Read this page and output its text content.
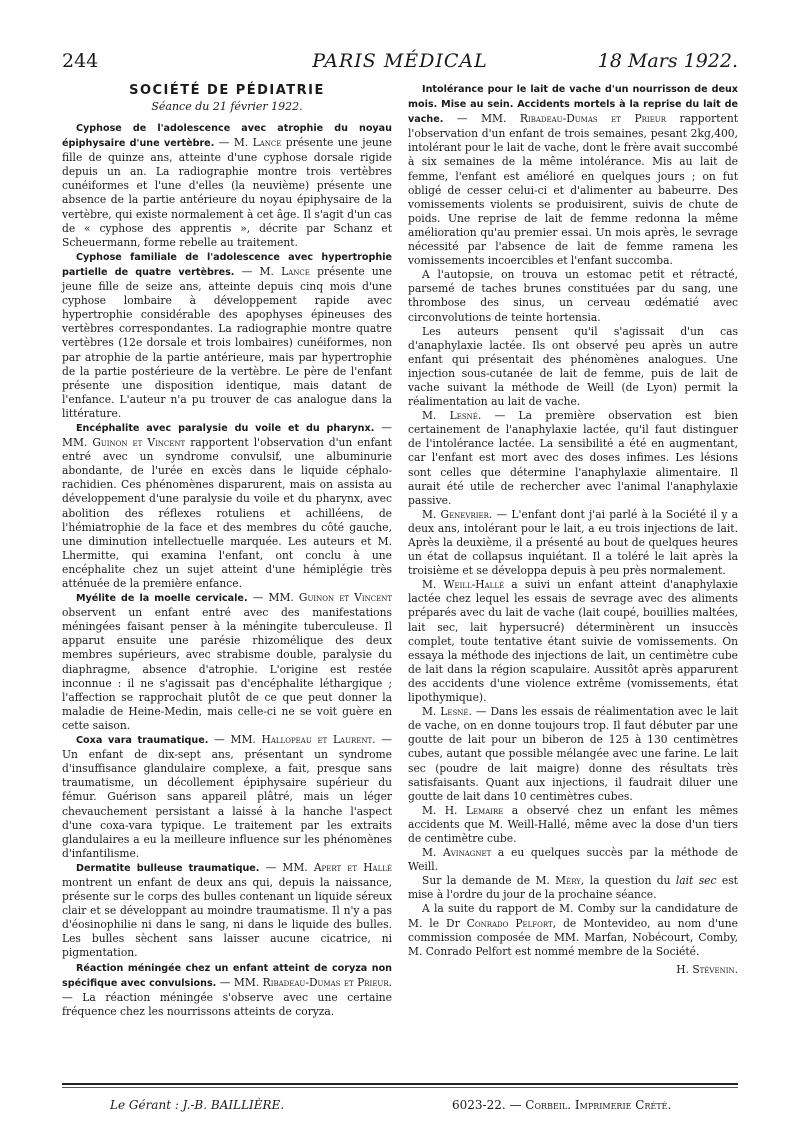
244	PARIS MÉDICAL	18 Mars 1922.
SOCIÉTÉ DE PÉDIATRIE
Séance du 21 février 1922.

Cyphose de l'adolescence avec atrophie du noyau épiphysaire d'une vertèbre. — M. Lance présente une jeune fille de quinze ans, atteinte d'une cyphose dorsale rigide depuis un an. La radiographie montre trois vertèbres cunéiformes et l'une d'elles (la neuvième) présente une absence de la partie antérieure du noyau épiphysaire de la vertèbre, qui existe normalement à cet âge. Il s'agit d'un cas de « cyphose des apprentis », décrite par Schanz et Scheuermann, forme rebelle au traitement.

Cyphose familiale de l'adolescence avec hypertrophie partielle de quatre vertèbres. — M. Lance présente une jeune fille de seize ans, atteinte depuis cinq mois d'une cyphose lombaire à développement rapide avec hypertrophie considérable des apophyses épineuses des vertèbres correspondantes. La radiographie montre quatre vertèbres (12e dorsale et trois lombaires) cunéiformes, non par atrophie de la partie antérieure, mais par hypertrophie de la partie postérieure de la vertèbre. Le père de l'enfant présente une disposition identique, mais datant de l'enfance. L'auteur n'a pu trouver de cas analogue dans la littérature.

Encéphalite avec paralysie du voile et du pharynx. — MM. Guinon et Vincent rapportent l'observation d'un enfant entré avec un syndrome convulsif, une albuminurie abondante, de l'urée en excès dans le liquide céphalo-rachidien. Ces phénomènes disparurent, mais on assista au développement d'une paralysie du voile et du pharynx, avec abolition des réflexes rotuliens et achilléens, de l'hémiatrophie de la face et des membres du côté gauche, une diminution intellectuelle marquée. Les auteurs et M. Lhermitte, qui examina l'enfant, ont conclu à une encéphalite chez un sujet atteint d'une hémiplégie très atténuée de la première enfance.

Myélite de la moelle cervicale. — MM. Guinon et Vincent observent un enfant entré avec des manifestations méningées faisant penser à la méningite tuberculeuse. Il apparut ensuite une parésie rhizomélique des deux membres supérieurs, avec strabisme double, paralysie du diaphragme, absence d'atrophie. L'origine est restée inconnue : il ne s'agissait pas d'encéphalite léthargique ; l'affection se rapprochait plutôt de ce que peut donner la maladie de Heine-Medin, mais celle-ci ne se voit guère en cette saison.

Coxa vara traumatique. — MM. Hallopeau et Laurent. — Un enfant de dix-sept ans, présentant un syndrome d'insuffisance glandulaire complexe, a fait, presque sans traumatisme, un décollement épiphysaire supérieur du fémur. Guérison sans appareil plâtré, mais un léger chevauchement persistant a laissé à la hanche l'aspect d'une coxa-vara typique. Le traitement par les extraits glandulaires a eu la meilleure influence sur les phénomènes d'infantilisme.

Dermatite bulleuse traumatique. — MM. Apert et Hallé montrent un enfant de deux ans qui, depuis la naissance, présente sur le corps des bulles contenant un liquide séreux clair et se développant au moindre traumatisme. Il n'y a pas d'éosinophilie ni dans le sang, ni dans le liquide des bulles. Les bulles sèchent sans laisser aucune cicatrice, ni pigmentation.

Réaction méningée chez un enfant atteint de coryza non spécifique avec convulsions. — MM. Ribadeau-Dumas et Prieur. — La réaction méningée s'observe avec une certaine fréquence chez les nourrissons atteints de coryza.

Intolérance pour le lait de vache d'un nourrisson de deux mois. Mise au sein. Accidents mortels à la reprise du lait de vache. — MM. Ribadeau-Dumas et Prieur rapportent l'observation d'un enfant de trois semaines, pesant 2kg,400, intolérant pour le lait de vache, dont le frère avait succombé à six semaines de la même intolérance. Mis au lait de femme, l'enfant est amélioré en quelques jours ; on fut obligé de cesser celui-ci et d'alimenter au babeurre. Des vomissements violents se produisirent, suivis de chute de poids. Une reprise de lait de femme redonna la même amélioration qu'au premier essai. Un mois après, le sevrage nécessité par l'absence de lait de femme ramena les vomissements incoercibles et l'enfant succomba.

A l'autopsie, on trouva un estomac petit et rétracté, parsemé de taches brunes constituées par du sang, une thrombose des sinus, un cerveau œdématié avec circonvolutions de teinte hortensia.

Les auteurs pensent qu'il s'agissait d'un cas d'anaphylaxie lactée. Ils ont observé peu après un autre enfant qui présentait des phénomènes analogues. Une injection sous-cutanée de lait de femme, puis de lait de vache suivant la méthode de Weill (de Lyon) permit la réalimentation au lait de vache.

M. Lesné. — La première observation est bien certainement de l'anaphylaxie lactée, qu'il faut distinguer de l'intolérance lactée. La sensibilité a été en augmentant, car l'enfant est mort avec des doses infimes. Les lésions sont celles que détermine l'anaphylaxie alimentaire. Il aurait été utile de rechercher avec l'animal l'anaphylaxie passive.

M. Genevrier. — L'enfant dont j'ai parlé à la Société il y a deux ans, intolérant pour le lait, a eu trois injections de lait. Après la deuxième, il a présenté au bout de quelques heures un état de collapsus inquiétant. Il a toléré le lait après la troisième et se développa depuis à peu près normalement.

M. Weill-Hallé a suivi un enfant atteint d'anaphylaxie lactée chez lequel les essais de sevrage avec des aliments préparés avec du lait de vache (lait coupé, bouillies maltées, lait sec, lait hypersucré) déterminèrent un insuccès complet, toute tentative étant suivie de vomissements. On essaya la méthode des injections de lait, un centimètre cube de lait dans la région scapulaire. Aussitôt après apparurent des accidents d'une violence extrême (vomissements, état lipothymique).

M. Lesné. — Dans les essais de réalimentation avec le lait de vache, on en donne toujours trop. Il faut débuter par une goutte de lait pour un biberon de 125 à 130 centimètres cubes, autant que possible mélangée avec une farine. Le lait sec (poudre de lait maigre) donne des résultats très satisfaisants. Quant aux injections, il faudrait diluer une goutte de lait dans 10 centimètres cubes.

M. H. Lemaire a observé chez un enfant les mêmes accidents que M. Weill-Hallé, même avec la dose d'un tiers de centimètre cube.

M. Avinagnet a eu quelques succès par la méthode de Weill.

Sur la demande de M. Méry, la question du lait sec est mise à l'ordre du jour de la prochaine séance.

A la suite du rapport de M. Comby sur la candidature de M. le Dr Conrado Pelfort, de Montevideo, au nom d'une commission composée de MM. Marfan, Nobécourt, Comby, M. Conrado Pelfort est nommé membre de la Société.

H. Stévenin.

Le Gérant : J.-B. BAILLIÈRE.	6023-22. — Corbeil. Imprimerie Crété.
